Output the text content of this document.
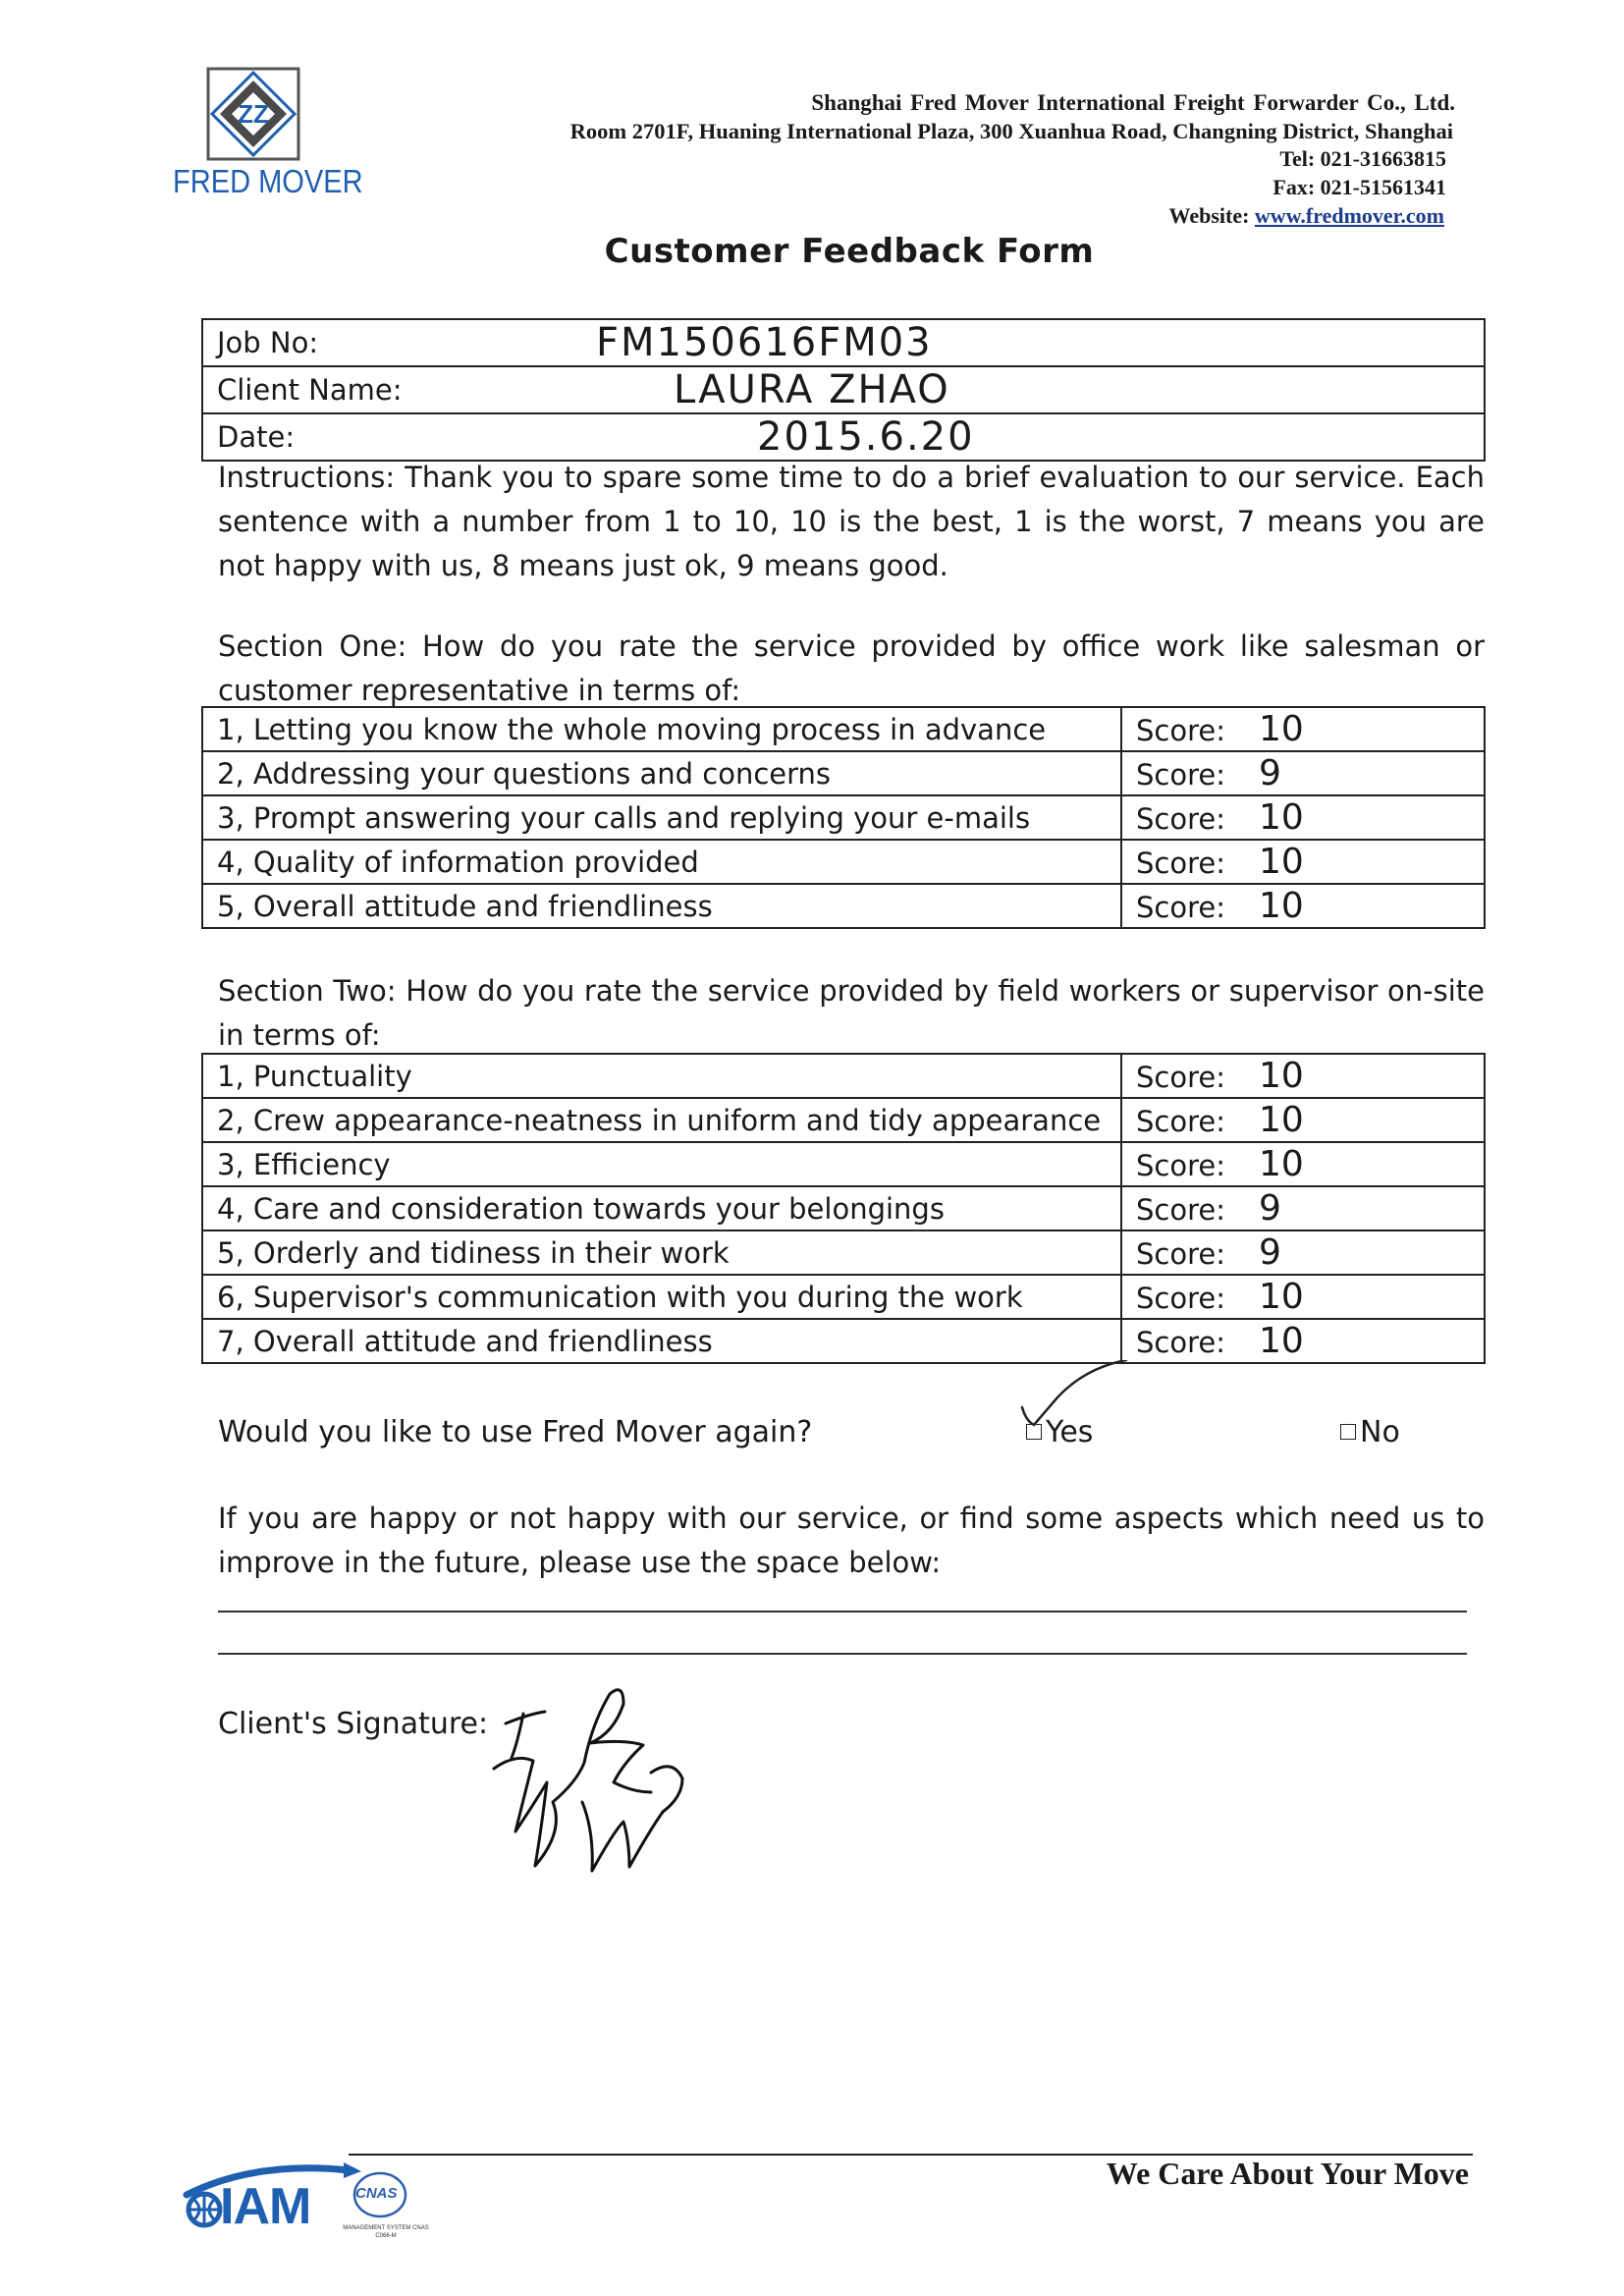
ZZ
FRED MOVER
Shanghai Fred Mover International Freight Forwarder Co., Ltd.
Room 2701F, Huaning International Plaza, 300 Xuanhua Road, Changning District, Shanghai
Tel: 021-31663815
Fax: 021-51561341
Website: www.fredmover.com
Customer Feedback Form
Job No:	FM150616FM03
Client Name:	LAURA ZHAO
Date:	2015.6.20
Instructions: Thank you to spare some time to do a brief evaluation to our service. Each sentence with a number from 1 to 10, 10 is the best, 1 is the worst, 7 means you are not happy with us, 8 means just ok, 9 means good.
Section One: How do you rate the service provided by office work like salesman or customer representative in terms of:
1, Letting you know the whole moving process in advance	Score: 10
2, Addressing your questions and concerns	Score: 9
3, Prompt answering your calls and replying your e-mails	Score: 10
4, Quality of information provided	Score: 10
5, Overall attitude and friendliness	Score: 10
Section Two: How do you rate the service provided by field workers or supervisor on-site in terms of:
1, Punctuality	Score: 10
2, Crew appearance-neatness in uniform and tidy appearance	Score: 10
3, Efficiency	Score: 10
4, Care and consideration towards your belongings	Score: 9
5, Orderly and tidiness in their work	Score: 9
6, Supervisor's communication with you during the work	Score: 10
7, Overall attitude and friendliness	Score: 10
Would you like to use Fred Mover again?	Yes	No
If you are happy or not happy with our service, or find some aspects which need us to improve in the future, please use the space below:
Client's Signature:
We Care About Your Move
IAM	CNAS
MANAGEMENT SYSTEM CNAS C066-M
